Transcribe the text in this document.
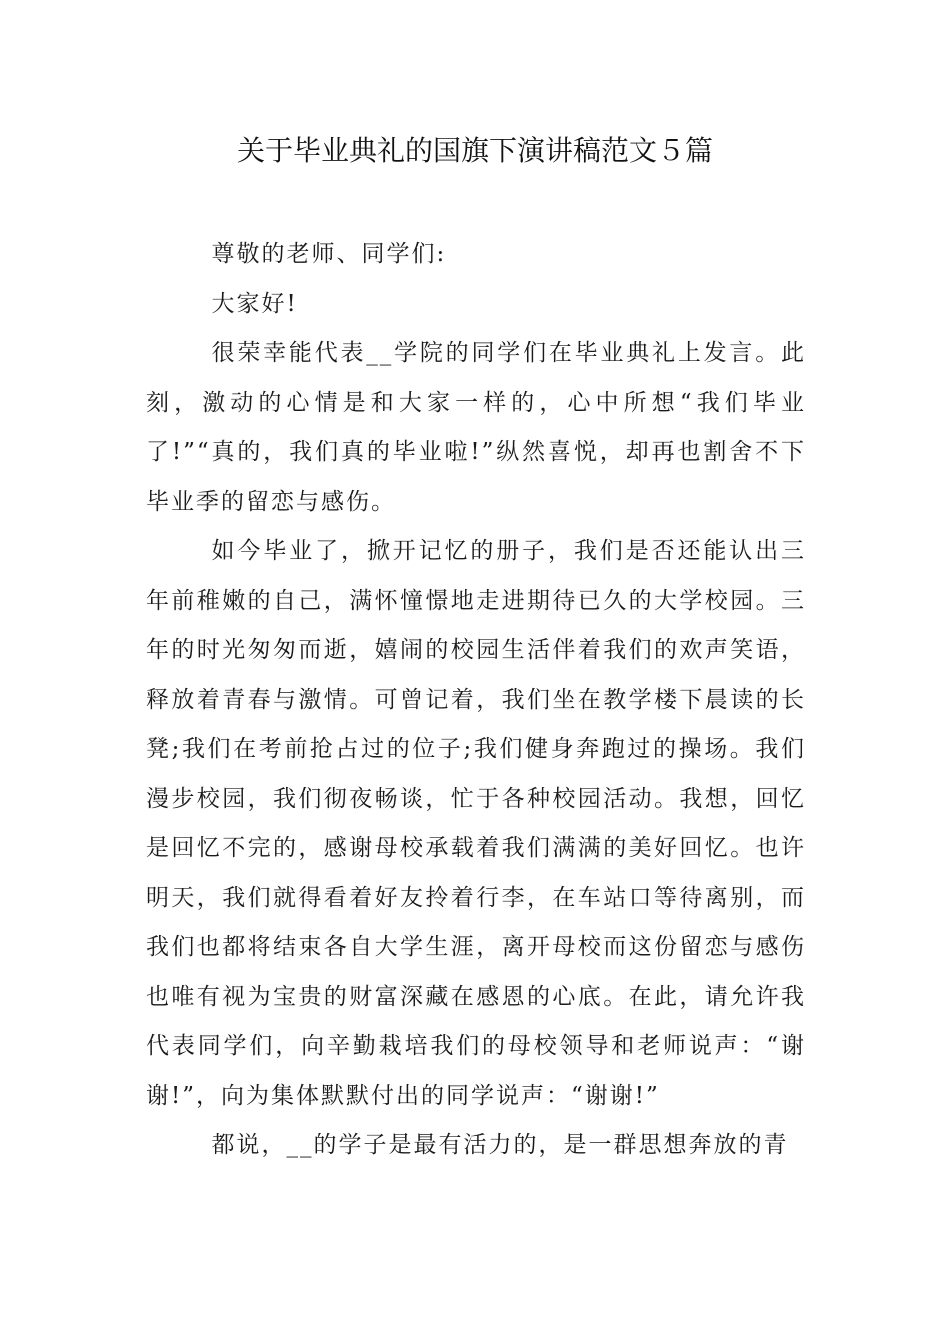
关于毕业典礼的国旗下演讲稿范文５篇

尊敬的老师、同学们:

大家好!

很荣幸能代表__学院的同学们在毕业典礼上发言。此刻，激动的心情是和大家一样的，心中所想“我们毕业了!”“真的，我们真的毕业啦!”纵然喜悦，却再也割舍不下毕业季的留恋与感伤。

如今毕业了，掀开记忆的册子，我们是否还能认出三年前稚嫩的自己，满怀憧憬地走进期待已久的大学校园。三年的时光匆匆而逝，嬉闹的校园生活伴着我们的欢声笑语，释放着青春与激情。可曾记着，我们坐在教学楼下晨读的长凳;我们在考前抢占过的位子;我们健身奔跑过的操场。我们漫步校园，我们彻夜畅谈，忙于各种校园活动。我想，回忆是回忆不完的，感谢母校承载着我们满满的美好回忆。也许明天，我们就得看着好友拎着行李，在车站口等待离别，而我们也都将结束各自大学生涯，离开母校而这份留恋与感伤也唯有视为宝贵的财富深藏在感恩的心底。在此，请允许我代表同学们，向辛勤栽培我们的母校领导和老师说声：“谢谢!”，向为集体默默付出的同学说声：“谢谢!”

都说，__的学子是最有活力的，是一群思想奔放的青
